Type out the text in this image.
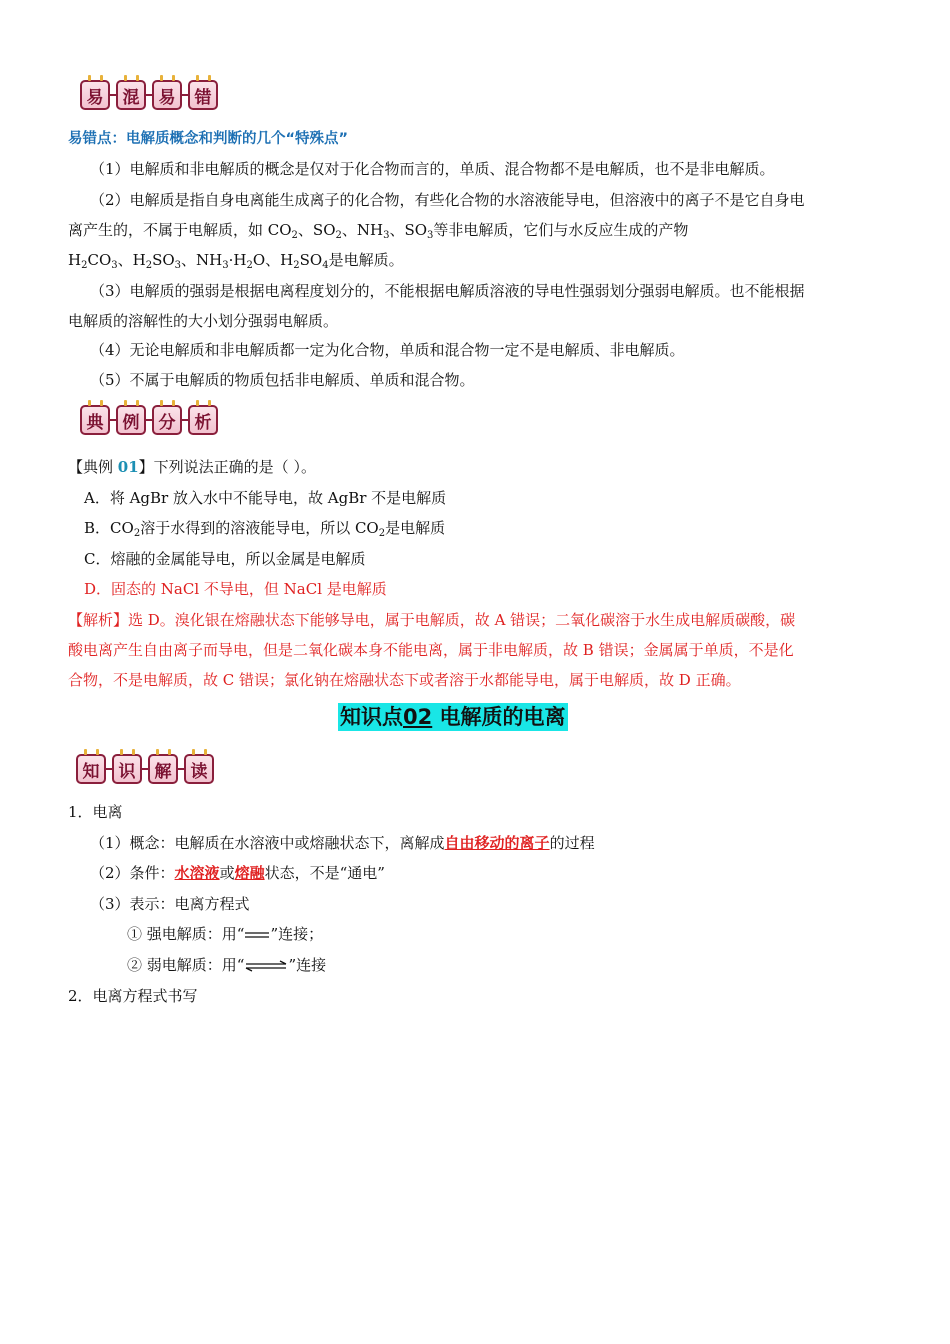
易	混	易	错
易错点：电解质概念和判断的几个“特殊点”
（1）电解质和非电解质的概念是仅对于化合物而言的，单质、混合物都不是电解质，也不是非电解质。
（2）电解质是指自身电离能生成离子的化合物，有些化合物的水溶液能导电，但溶液中的离子不是它自身电
离产生的，不属于电解质，如 $CO_2$、$SO_2$、$NH_3$、$SO_3$等非电解质，它们与水反应生成的产物
$H_2CO_3$、$H_2SO_3$、$NH_3\cdot H_2O$、$H_2SO_4$是电解质。
（3）电解质的强弱是根据电离程度划分的，不能根据电解质溶液的导电性强弱划分强弱电解质。也不能根据
电解质的溶解性的大小划分强弱电解质。
（4）无论电解质和非电解质都一定为化合物，单质和混合物一定不是电解质、非电解质。
（5）不属于电解质的物质包括非电解质、单质和混合物。
典	例	分	析
【典例 01】下列说法正确的是（ ）。
A．将 AgBr 放入水中不能导电，故 AgBr 不是电解质
B．$CO_2$溶于水得到的溶液能导电，所以 $CO_2$是电解质
C．熔融的金属能导电，所以金属是电解质
D．固态的 NaCl 不导电，但 NaCl 是电解质
【解析】选 D。溴化银在熔融状态下能够导电，属于电解质，故 A 错误；二氧化碳溶于水生成电解质碳酸，碳
酸电离产生自由离子而导电，但是二氧化碳本身不能电离，属于非电解质，故 B 错误；金属属于单质，不是化
合物，不是电解质，故 C 错误；氯化钠在熔融状态下或者溶于水都能导电，属于电解质，故 D 正确。
知识点02 电解质的电离
知	识	解	读
1．电离
（1）概念：电解质在水溶液中或熔融状态下，离解成自由移动的离子的过程
（2）条件：水溶液或熔融状态，不是“通电”
（3）表示：电离方程式
① 强电解质：用“ ”连接；
② 弱电解质：用“⇌”连接
2．电离方程式书写
